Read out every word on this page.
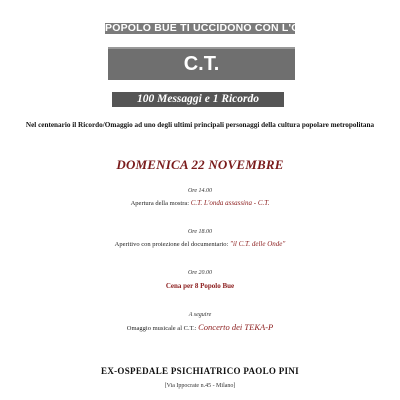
POPOLO BUE TI UCCIDONO CON L'ONDA
C.T.
100 Messaggi e 1 Ricordo
Nel centenario il Ricordo/Omaggio ad uno degli ultimi principali personaggi della cultura popolare metropolitana
DOMENICA 22 NOVEMBRE
Ore 14.00
Apertura della mostra: C.T. L'onda assassina - C.T.
Ore 18.00
Aperitivo con proiezione del documentario: "il C.T. delle Onde"
Ore 20.00
Cena per 8 Popolo Bue
A seguire
Omaggio musicale al C.T.: Concerto dei TEKA-P
EX-OSPEDALE PSICHIATRICO PAOLO PINI
[Via Ippocrate n.45 - Milano]
